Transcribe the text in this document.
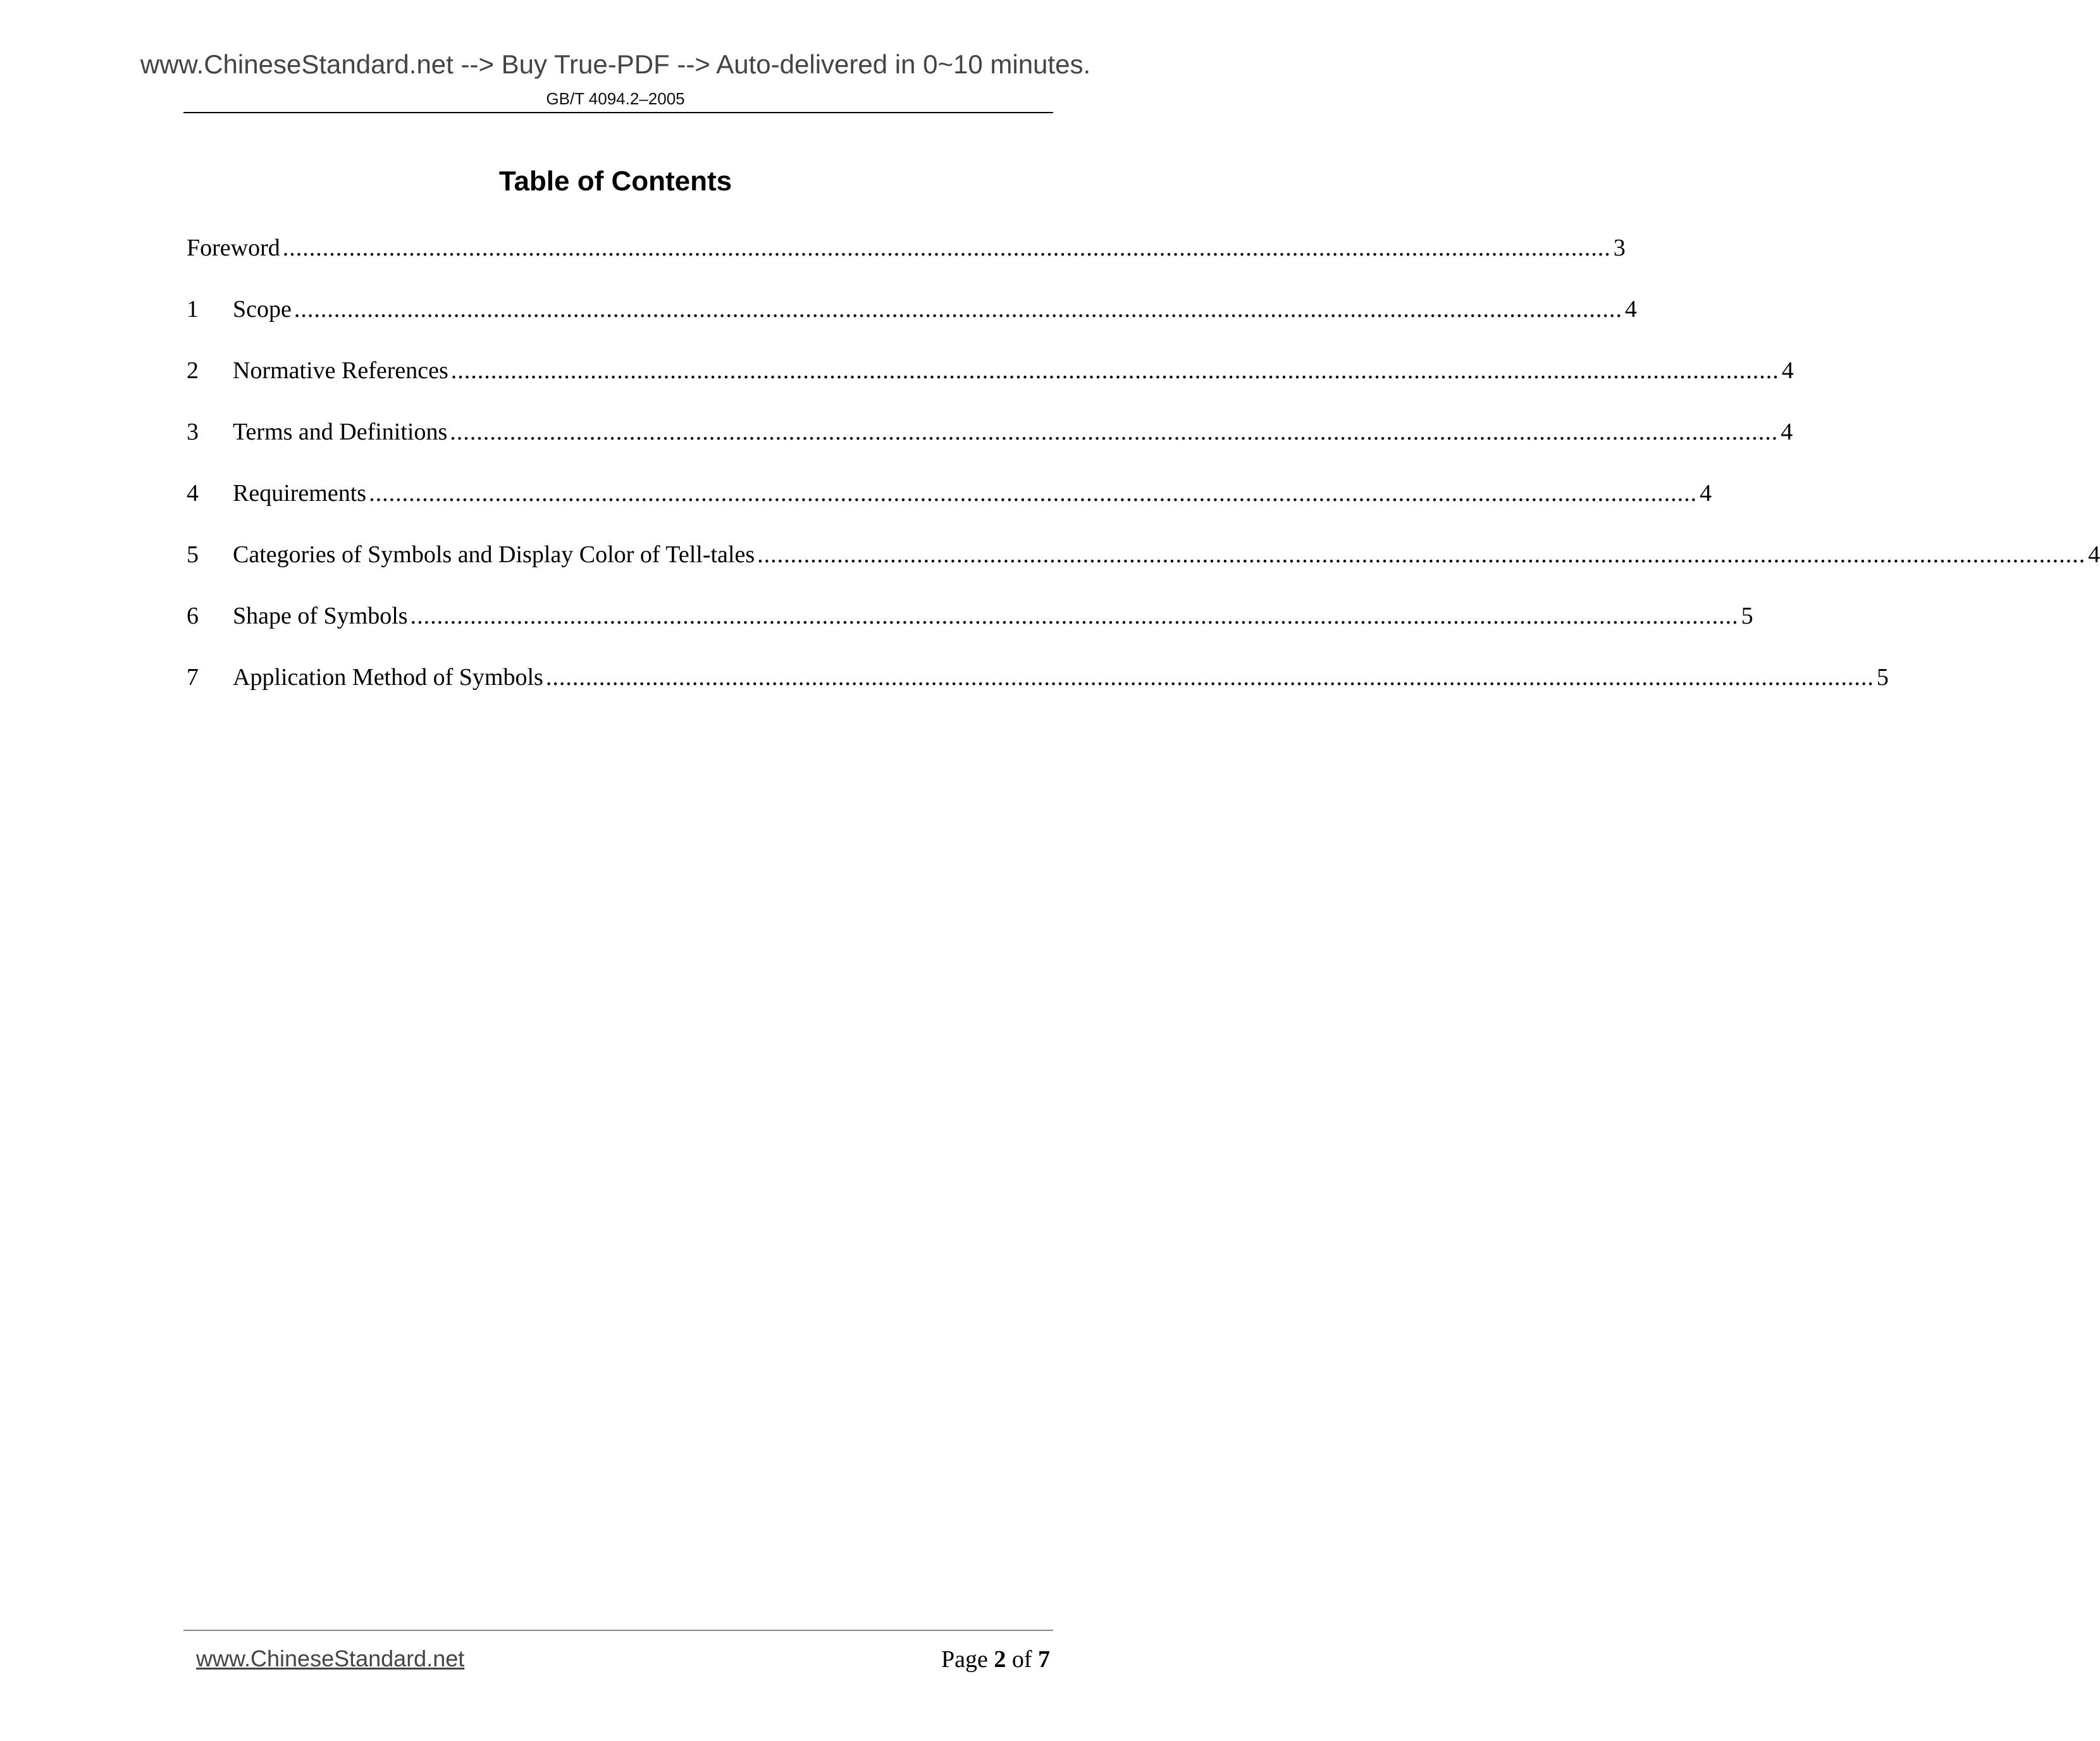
www.ChineseStandard.net --> Buy True-PDF --> Auto-delivered in 0~10 minutes.
GB/T 4094.2–2005
Table of Contents
Foreword ........................................................................................................................................................................................................ 3
1	Scope ........................................................................................................................................................................................................ 4
2	Normative References ........................................................................................................................................................................................................ 4
3	Terms and Definitions ........................................................................................................................................................................................................ 4
4	Requirements ........................................................................................................................................................................................................ 4
5	Categories of Symbols and Display Color of Tell-tales ........................................................................................................................................................................................................ 4
6	Shape of Symbols ........................................................................................................................................................................................................ 5
7	Application Method of Symbols ........................................................................................................................................................................................................ 5
www.ChineseStandard.net	Page 2 of 7
